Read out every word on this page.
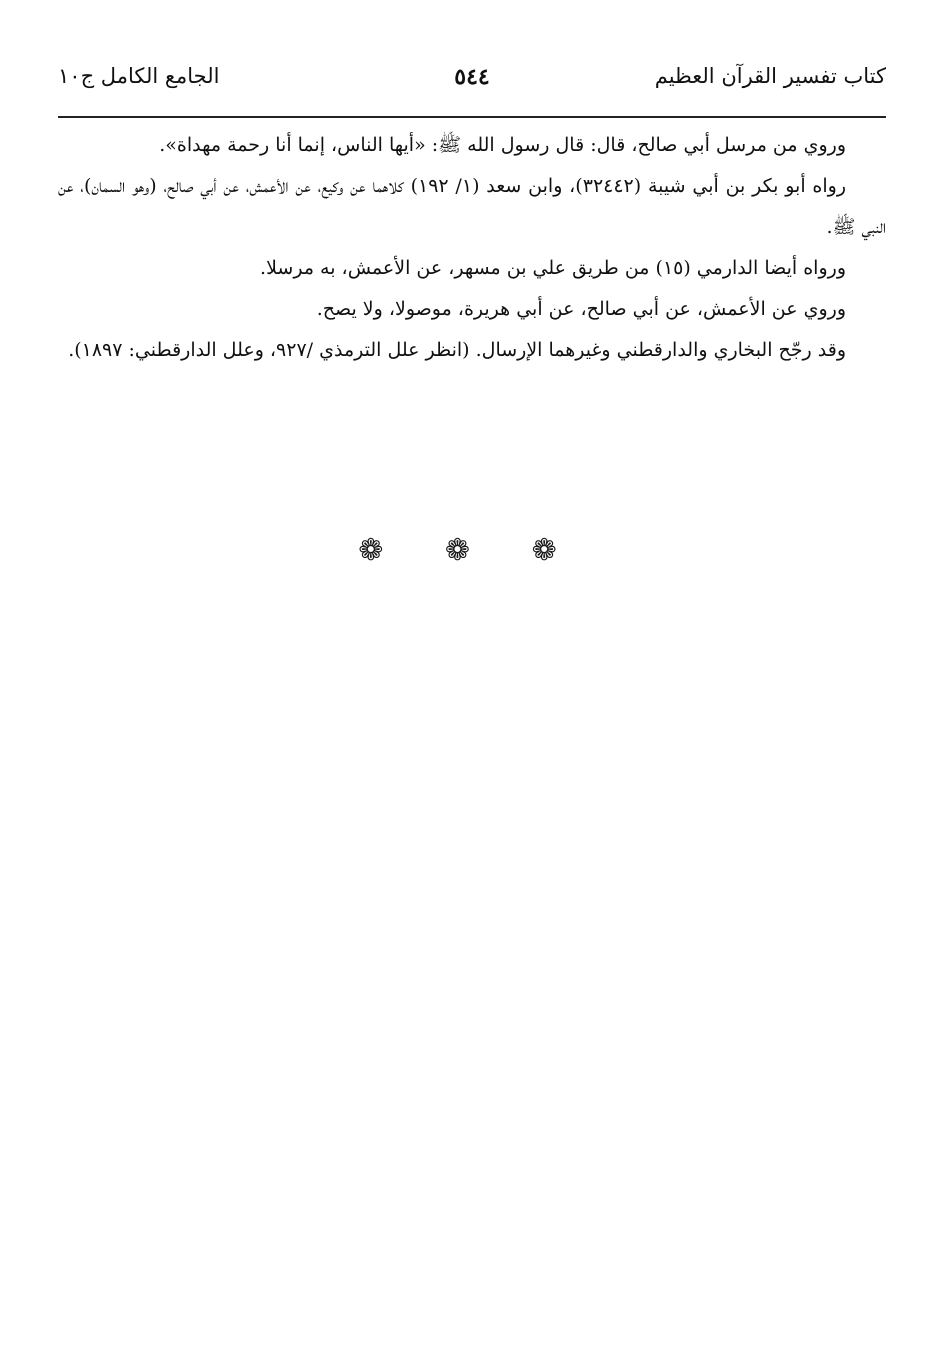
كتاب تفسير القرآن العظيم
٥٤٤
الجامع الكامل ج١٠

وروي من مرسل أبي صالح، قال: قال رسول الله ﷺ: «أيها الناس، إنما أنا رحمة مهداة».

رواه أبو بكر بن أبي شيبة (٣٢٤٤٢)، وابن سعد (١/ ١٩٢) كلاهما عن وكيع، عن الأعمش، عن أبي صالح، (وهو السمان)، عن النبي ﷺ.

ورواه أيضا الدارمي (١٥) من طريق علي بن مسهر، عن الأعمش، به مرسلا.

وروي عن الأعمش، عن أبي صالح، عن أبي هريرة، موصولا، ولا يصح.

وقد رجّح البخاري والدارقطني وغيرهما الإرسال. (انظر علل الترمذي /٩٢٧، وعلل الدارقطني: ١٨٩٧).

❁ ❁ ❁
